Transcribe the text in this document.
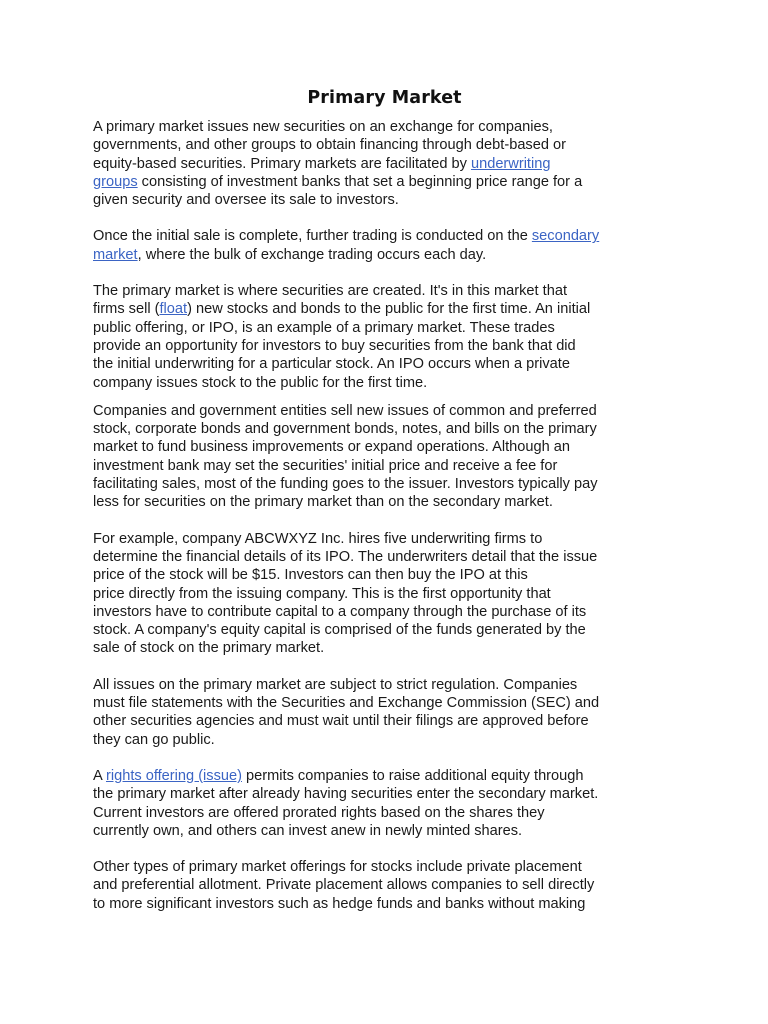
Primary Market
A primary market issues new securities on an exchange for companies,
governments, and other groups to obtain financing through debt-based or
equity-based securities. Primary markets are facilitated by underwriting
groups consisting of investment banks that set a beginning price range for a
given security and oversee its sale to investors.
Once the initial sale is complete, further trading is conducted on the secondary
market, where the bulk of exchange trading occurs each day.
The primary market is where securities are created. It's in this market that
firms sell (float) new stocks and bonds to the public for the first time. An initial
public offering, or IPO, is an example of a primary market. These trades
provide an opportunity for investors to buy securities from the bank that did
the initial underwriting for a particular stock. An IPO occurs when a private
company issues stock to the public for the first time.
Companies and government entities sell new issues of common and preferred
stock, corporate bonds and government bonds, notes, and bills on the primary
market to fund business improvements or expand operations. Although an
investment bank may set the securities' initial price and receive a fee for
facilitating sales, most of the funding goes to the issuer. Investors typically pay
less for securities on the primary market than on the secondary market.
For example, company ABCWXYZ Inc. hires five underwriting firms to
determine the financial details of its IPO. The underwriters detail that the issue
price of the stock will be $15. Investors can then buy the IPO at this
price directly from the issuing company. This is the first opportunity that
investors have to contribute capital to a company through the purchase of its
stock. A company's equity capital is comprised of the funds generated by the
sale of stock on the primary market.
All issues on the primary market are subject to strict regulation. Companies
must file statements with the Securities and Exchange Commission (SEC) and
other securities agencies and must wait until their filings are approved before
they can go public.
A rights offering (issue) permits companies to raise additional equity through
the primary market after already having securities enter the secondary market.
Current investors are offered prorated rights based on the shares they
currently own, and others can invest anew in newly minted shares.
Other types of primary market offerings for stocks include private placement
and preferential allotment. Private placement allows companies to sell directly
to more significant investors such as hedge funds and banks without making
